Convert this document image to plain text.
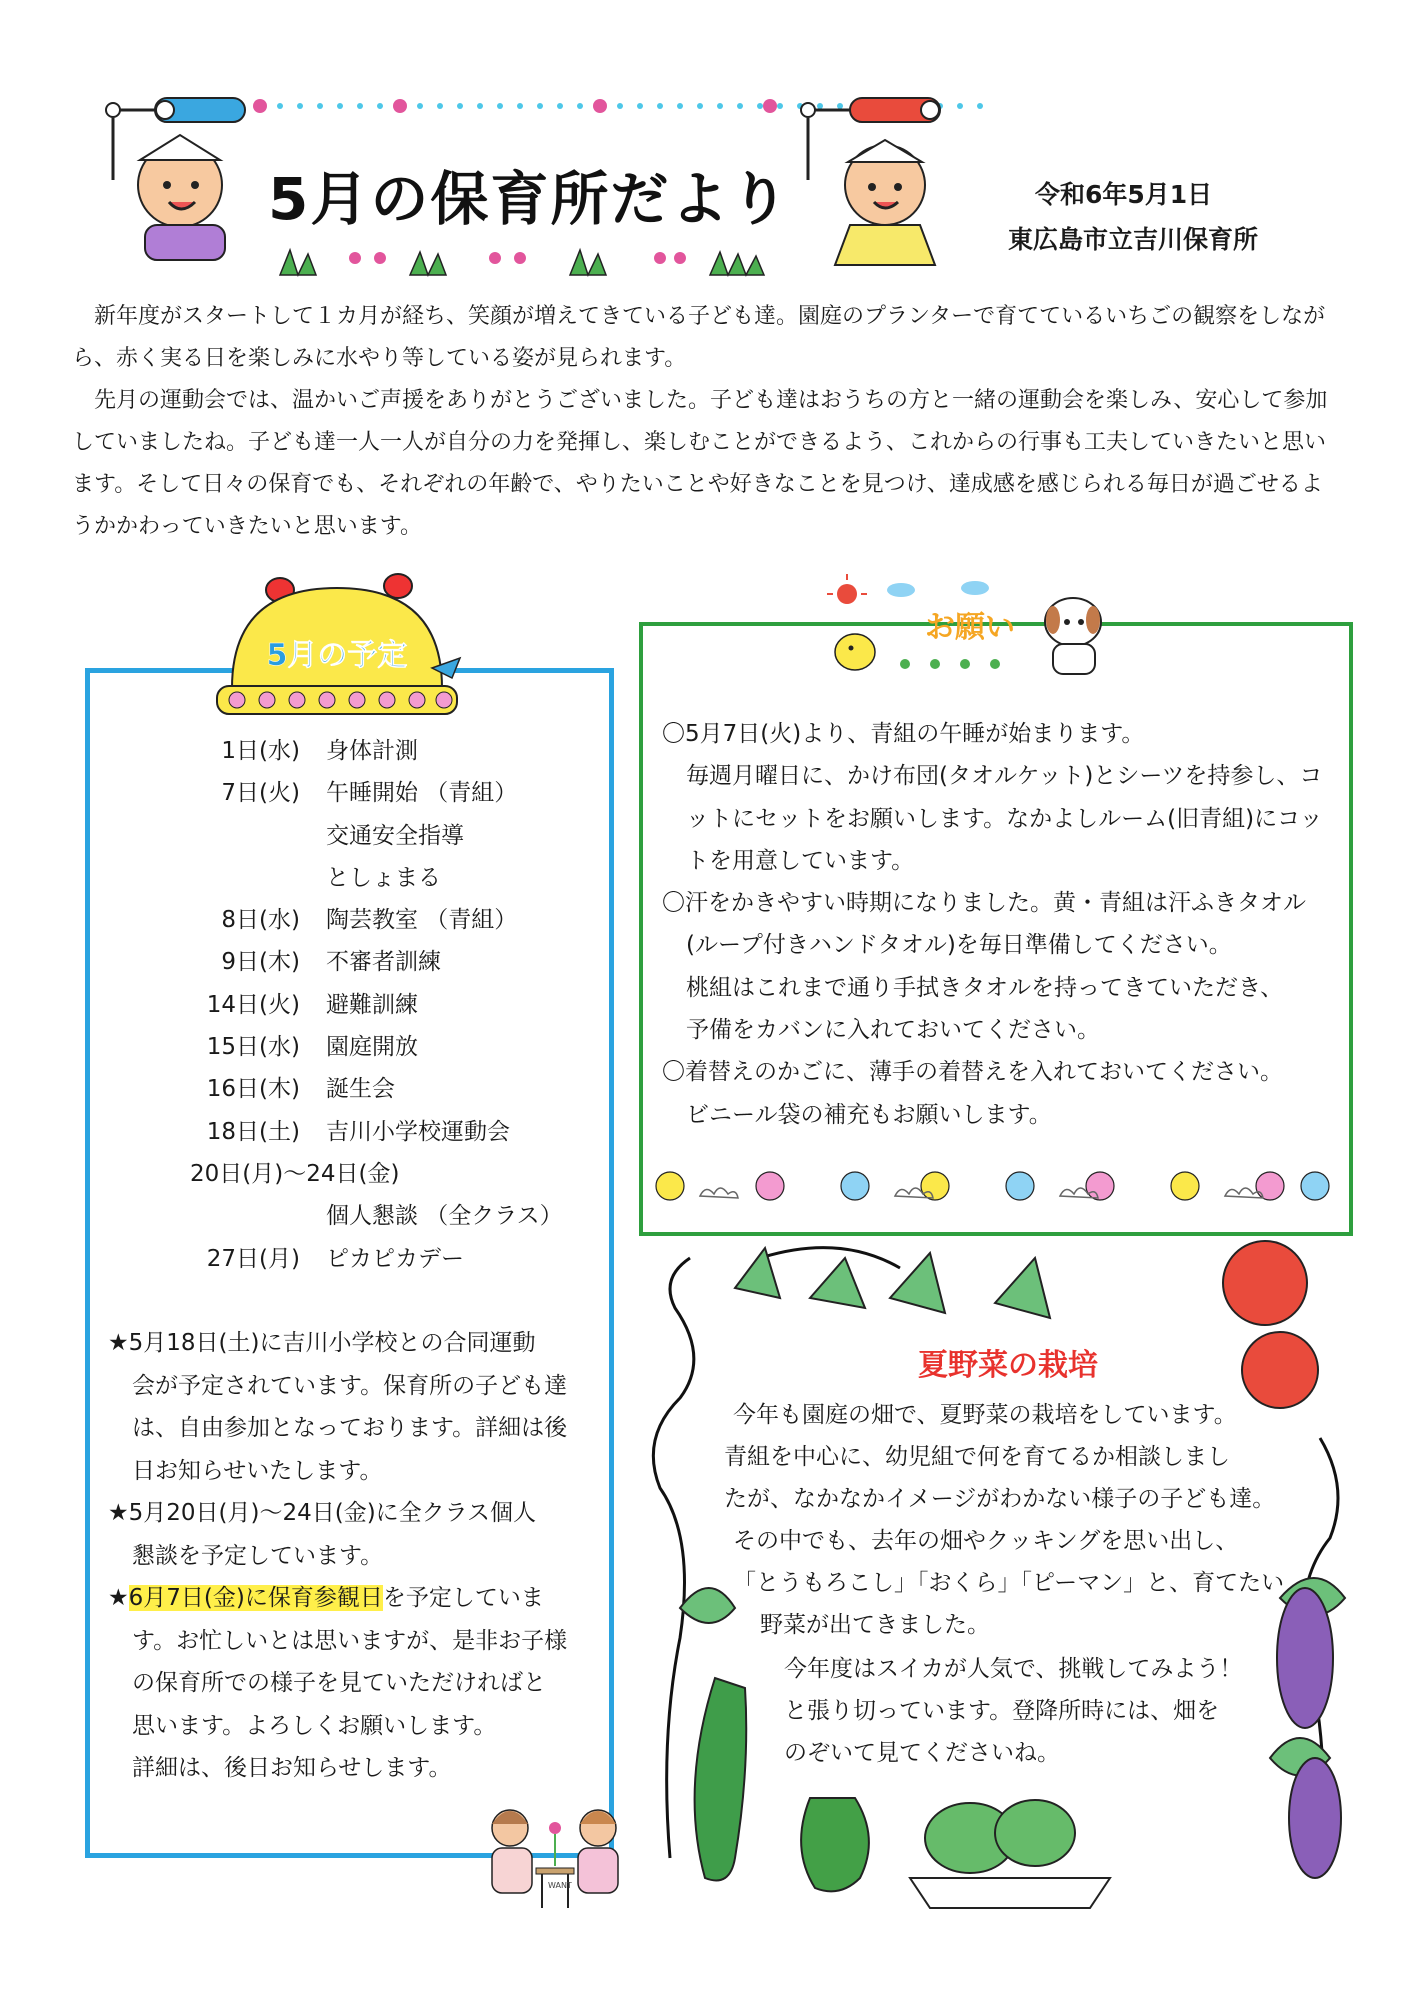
5月の保育所だより	令和6年5月1日
東広島市立吉川保育所

新年度がスタートして１カ月が経ち、笑顔が増えてきている子ども達。園庭のプランターで育てているいちごの観察をしながら、赤く実る日を楽しみに水やり等している姿が見られます。

先月の運動会では、温かいご声援をありがとうございました。子ども達はおうちの方と一緒の運動会を楽しみ、安心して参加していましたね。子ども達一人一人が自分の力を発揮し、楽しむことができるよう、これからの行事も工夫していきたいと思います。そして日々の保育でも、それぞれの年齢で、やりたいことや好きなことを見つけ、達成感を感じられる毎日が過ごせるようかかわっていきたいと思います。

5月の予定
1日(水)	身体計測
7日(火)	午睡開始 （青組）
交通安全指導
としょまる
8日(水)	陶芸教室 （青組）
9日(木)	不審者訓練
14日(火)	避難訓練
15日(水)	園庭開放
16日(木)	誕生会
18日(土)	吉川小学校運動会
20日(月)～24日(金)
個人懇談 （全クラス）
27日(月)	ピカピカデー
★5月18日(土)に吉川小学校との合同運動
会が予定されています。保育所の子ども達
は、自由参加となっております。詳細は後
日お知らせいたします。
★5月20日(月)～24日(金)に全クラス個人
懇談を予定しています。
★6月7日(金)に保育参観日を予定していま
す。お忙しいとは思いますが、是非お子様
の保育所での様子を見ていただければと
思います。よろしくお願いします。
詳細は、後日お知らせします。
WANT
お願い
〇5月7日(火)より、青組の午睡が始まります。
毎週月曜日に、かけ布団(タオルケット)とシーツを持参し、コ
ットにセットをお願いします。なかよしルーム(旧青組)にコッ
トを用意しています。
〇汗をかきやすい時期になりました。黄・青組は汗ふきタオル
(ループ付きハンドタオル)を毎日準備してください。
桃組はこれまで通り手拭きタオルを持ってきていただき、
予備をカバンに入れておいてください。
〇着替えのかごに、薄手の着替えを入れておいてください。
ビニール袋の補充もお願いします。
夏野菜の栽培
今年も園庭の畑で、夏野菜の栽培をしています。
青組を中心に、幼児組で何を育てるか相談しまし
たが、なかなかイメージがわかない様子の子ども達。
その中でも、去年の畑やクッキングを思い出し、
「とうもろこし」「おくら」「ピーマン」と、育てたい
野菜が出てきました。
今年度はスイカが人気で、挑戦してみよう！
と張り切っています。登降所時には、畑を
のぞいて見てくださいね。
